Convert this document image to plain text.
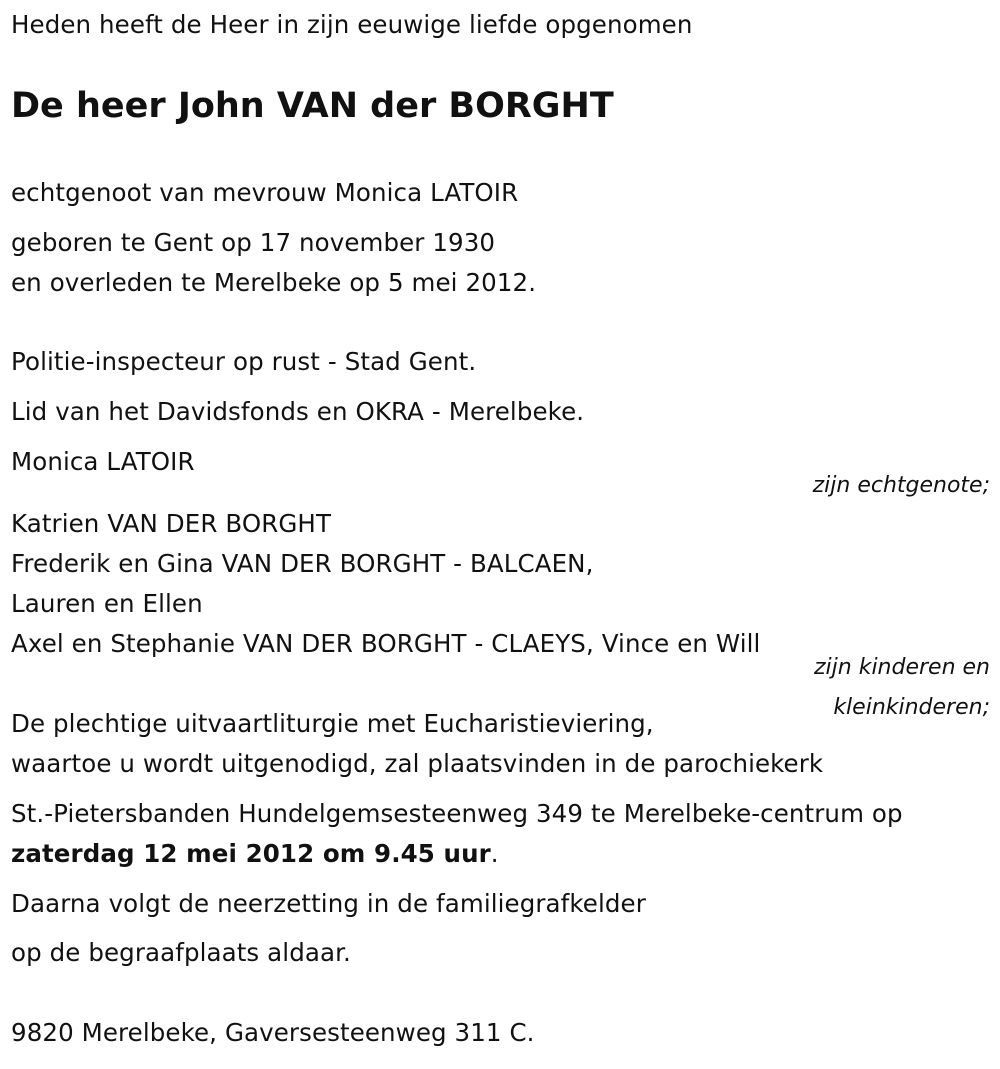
Heden heeft de Heer in zijn eeuwige liefde opgenomen
De heer John VAN der BORGHT
echtgenoot van mevrouw Monica LATOIR
geboren te Gent op 17 november 1930
en overleden te Merelbeke op 5 mei 2012.
Politie-inspecteur op rust - Stad Gent.
Lid van het Davidsfonds en OKRA - Merelbeke.
Monica LATOIR
zijn echtgenote;
Katrien VAN DER BORGHT
Frederik en Gina VAN DER BORGHT - BALCAEN,
Lauren en Ellen
Axel en Stephanie VAN DER BORGHT - CLAEYS, Vince en Will
zijn kinderen en
kleinkinderen;
De plechtige uitvaartliturgie met Eucharistieviering,
waartoe u wordt uitgenodigd, zal plaatsvinden in de parochiekerk
St.-Pietersbanden Hundelgemsesteenweg 349 te Merelbeke-centrum op
zaterdag 12 mei 2012 om 9.45 uur.
Daarna volgt de neerzetting in de familiegrafkelder
op de begraafplaats aldaar.
9820 Merelbeke, Gaversesteenweg 311 C.
